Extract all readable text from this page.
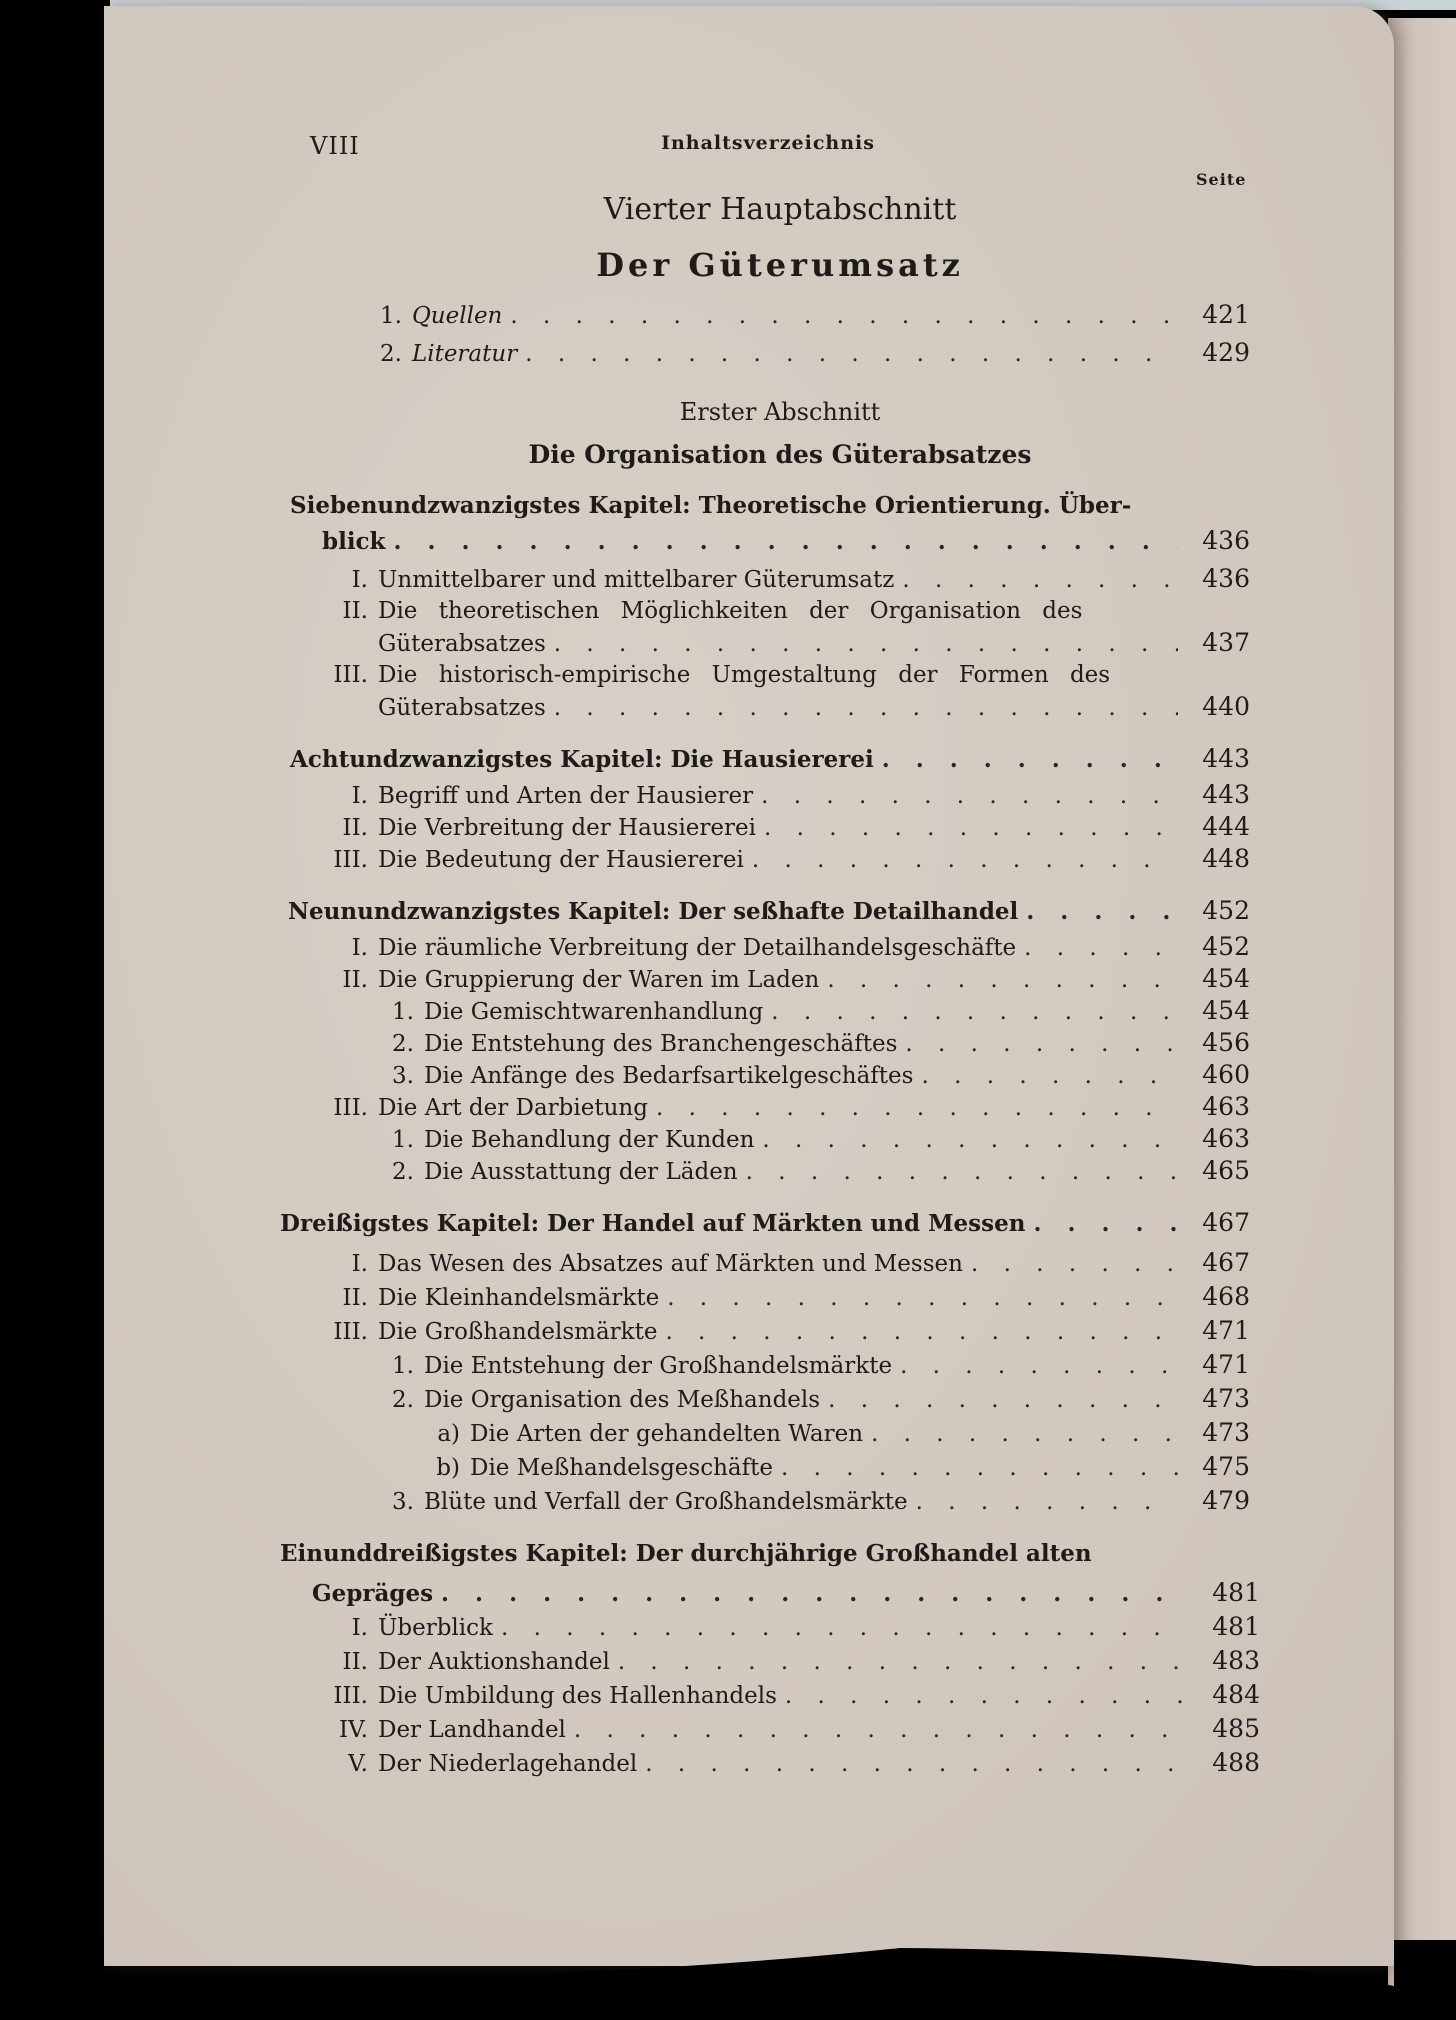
VIII	Inhaltsverzeichnis
Seite
Vierter Hauptabschnitt
Der Güterumsatz
1. Quellen . . .	421
2. Literatur . . .	429
Erster Abschnitt
Die Organisation des Güterabsatzes
Siebenundzwanzigstes Kapitel: Theoretische Orientierung. Über-
blick . . .	436
I. Unmittelbarer und mittelbarer Güterumsatz . . .	436
II. Die theoretischen Möglichkeiten der Organisation des
Güterabsatzes . . .	437
III. Die historisch-empirische Umgestaltung der Formen des
Güterabsatzes . . .	440
Achtundzwanzigstes Kapitel: Die Hausiererei . . .	443
I. Begriff und Arten der Hausierer . . .	443
II. Die Verbreitung der Hausiererei . . .	444
III. Die Bedeutung der Hausiererei . . .	448
Neunundzwanzigstes Kapitel: Der seßhafte Detailhandel . . .	452
I. Die räumliche Verbreitung der Detailhandelsgeschäfte . . .	452
II. Die Gruppierung der Waren im Laden . . .	454
1. Die Gemischtwarenhandlung . . .	454
2. Die Entstehung des Branchengeschäftes . . .	456
3. Die Anfänge des Bedarfsartikelgeschäftes . . .	460
III. Die Art der Darbietung . . .	463
1. Die Behandlung der Kunden . . .	463
2. Die Ausstattung der Läden . . .	465
Dreißigstes Kapitel: Der Handel auf Märkten und Messen . . .	467
I. Das Wesen des Absatzes auf Märkten und Messen . . .	467
II. Die Kleinhandelsmärkte . . .	468
III. Die Großhandelsmärkte . . .	471
1. Die Entstehung der Großhandelsmärkte . . .	471
2. Die Organisation des Meßhandels . . .	473
a) Die Arten der gehandelten Waren . . .	473
b) Die Meßhandelsgeschäfte . . .	475
3. Blüte und Verfall der Großhandelsmärkte . . .	479
Einunddreißigstes Kapitel: Der durchjährige Großhandel alten
Gepräges . . .	481
I. Überblick . . .	481
II. Der Auktionshandel . . .	483
III. Die Umbildung des Hallenhandels . . .	484
IV. Der Landhandel . . .	485
V. Der Niederlagehandel . . .	488
